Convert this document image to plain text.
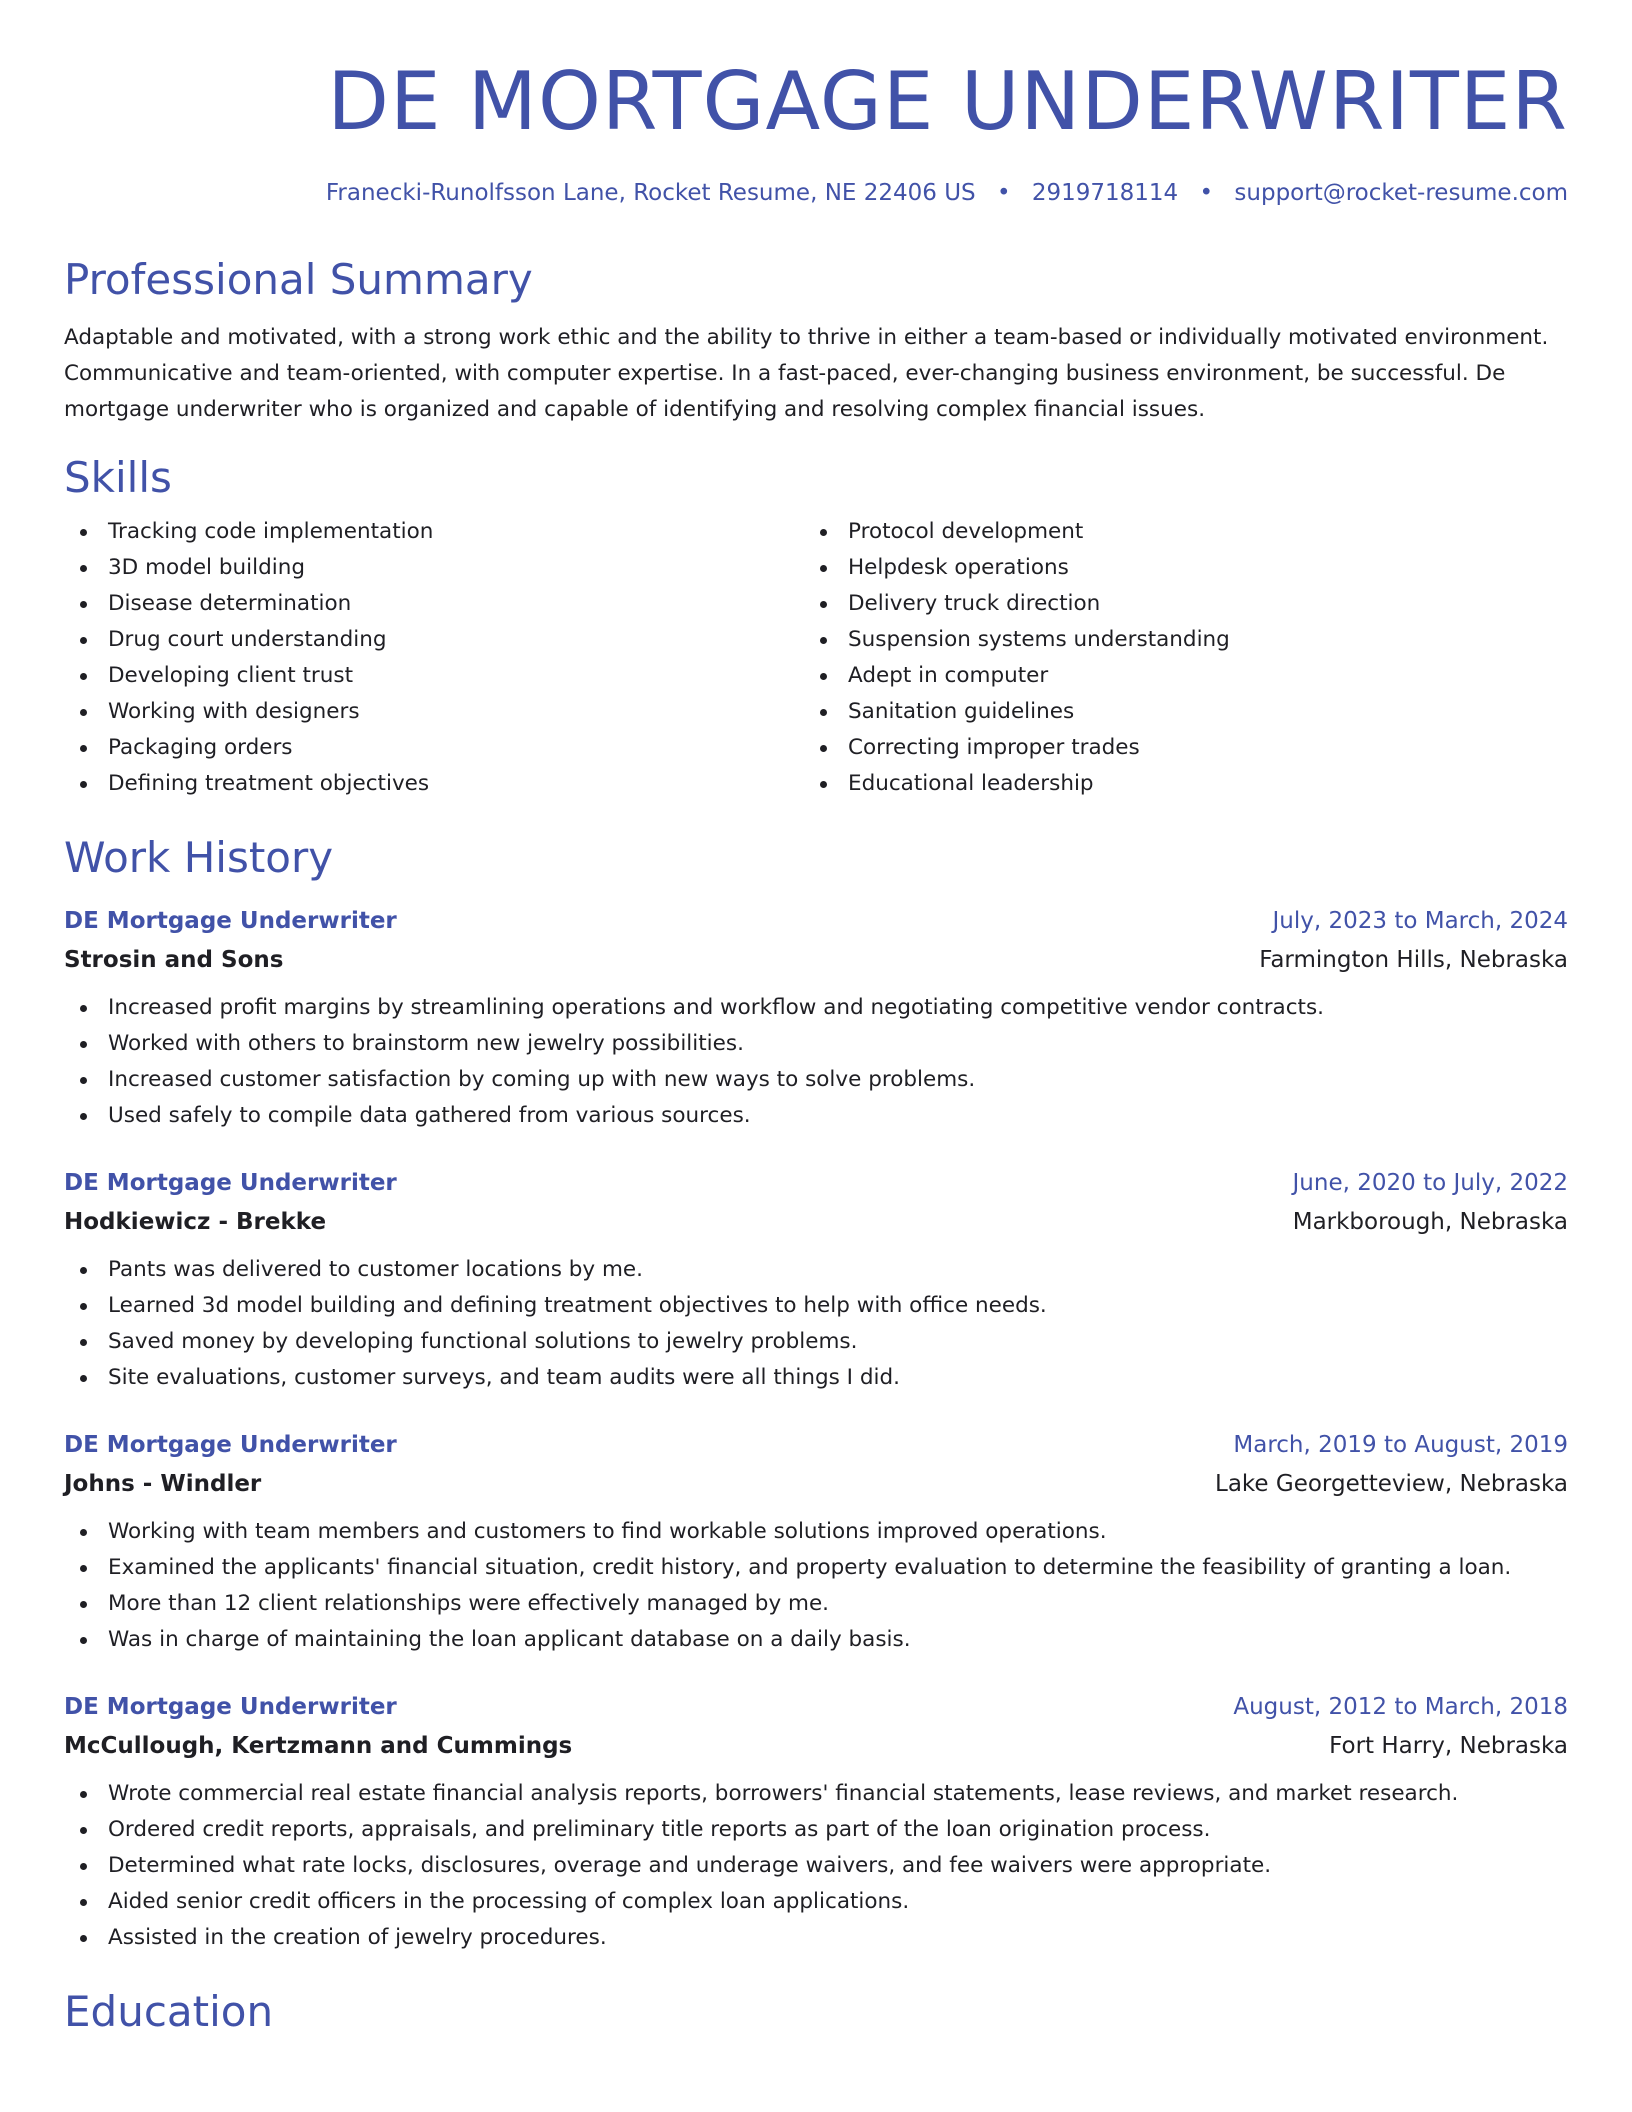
DE MORTGAGE UNDERWRITER
Franecki-Runolfsson Lane, Rocket Resume, NE 22406 US • 2919718114 • support@rocket-resume.com
Professional Summary

Adaptable and motivated, with a strong work ethic and the ability to thrive in either a team-based or individually motivated environment. Communicative and team-oriented, with computer expertise. In a fast-paced, ever-changing business environment, be successful. De mortgage underwriter who is organized and capable of identifying and resolving complex financial issues.

Skills
Tracking code implementation
3D model building
Disease determination
Drug court understanding
Developing client trust
Working with designers
Packaging orders
Defining treatment objectives
Protocol development
Helpdesk operations
Delivery truck direction
Suspension systems understanding
Adept in computer
Sanitation guidelines
Correcting improper trades
Educational leadership
Work History
DE Mortgage Underwriter	July, 2023 to March, 2024
Strosin and Sons	Farmington Hills, Nebraska
Increased profit margins by streamlining operations and workflow and negotiating competitive vendor contracts.
Worked with others to brainstorm new jewelry possibilities.
Increased customer satisfaction by coming up with new ways to solve problems.
Used safely to compile data gathered from various sources.
DE Mortgage Underwriter	June, 2020 to July, 2022
Hodkiewicz - Brekke	Markborough, Nebraska
Pants was delivered to customer locations by me.
Learned 3d model building and defining treatment objectives to help with office needs.
Saved money by developing functional solutions to jewelry problems.
Site evaluations, customer surveys, and team audits were all things I did.
DE Mortgage Underwriter	March, 2019 to August, 2019
Johns - Windler	Lake Georgetteview, Nebraska
Working with team members and customers to find workable solutions improved operations.
Examined the applicants' financial situation, credit history, and property evaluation to determine the feasibility of granting a loan.
More than 12 client relationships were effectively managed by me.
Was in charge of maintaining the loan applicant database on a daily basis.
DE Mortgage Underwriter	August, 2012 to March, 2018
McCullough, Kertzmann and Cummings	Fort Harry, Nebraska
Wrote commercial real estate financial analysis reports, borrowers' financial statements, lease reviews, and market research.
Ordered credit reports, appraisals, and preliminary title reports as part of the loan origination process.
Determined what rate locks, disclosures, overage and underage waivers, and fee waivers were appropriate.
Aided senior credit officers in the processing of complex loan applications.
Assisted in the creation of jewelry procedures.
Education
